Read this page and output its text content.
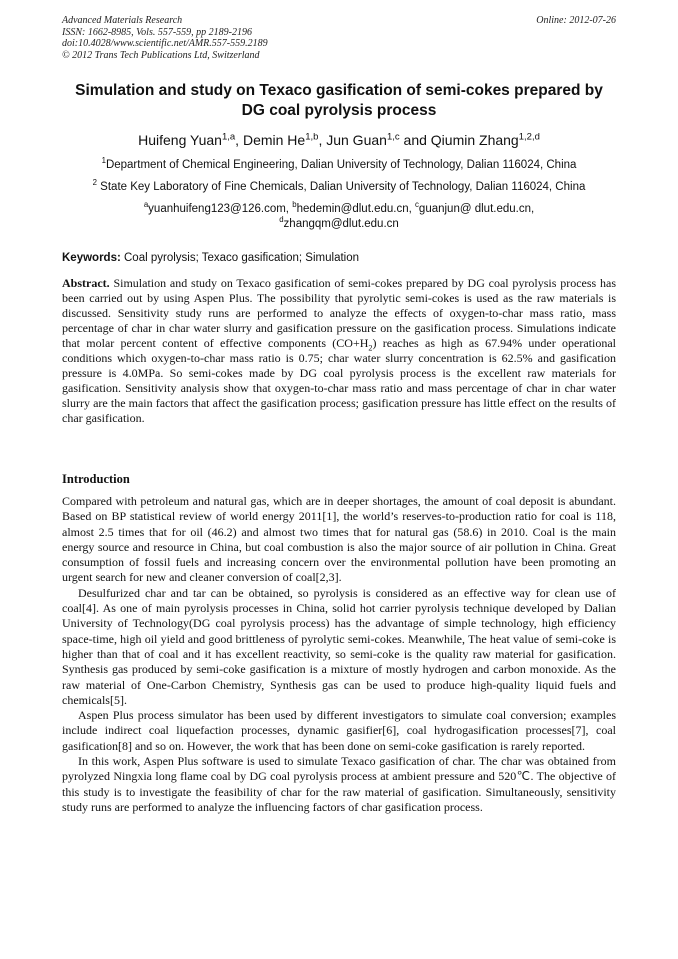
Advanced Materials Research
ISSN: 1662-8985, Vols. 557-559, pp 2189-2196
doi:10.4028/www.scientific.net/AMR.557-559.2189
© 2012 Trans Tech Publications Ltd, Switzerland
Online: 2012-07-26
Simulation and study on Texaco gasification of semi-cokes prepared by DG coal pyrolysis process
Huifeng Yuan$^{1,a}$, Demin He$^{1,b}$, Jun Guan$^{1,c}$ and Qiumin Zhang$^{1,2,d}$
$^1$Department of Chemical Engineering, Dalian University of Technology, Dalian 116024, China
$^2$ State Key Laboratory of Fine Chemicals, Dalian University of Technology, Dalian 116024, China
$^a$yuanhuifeng123@126.com, $^b$hedemin@dlut.edu.cn, $^c$guanjun@ dlut.edu.cn,
$^d$zhangqm@dlut.edu.cn
Keywords: Coal pyrolysis; Texaco gasification; Simulation
Abstract. Simulation and study on Texaco gasification of semi-cokes prepared by DG coal pyrolysis process has been carried out by using Aspen Plus. The possibility that pyrolytic semi-cokes is used as the raw materials is discussed. Sensitivity study runs are performed to analyze the effects of oxygen-to-char mass ratio, mass percentage of char in char water slurry and gasification pressure on the gasification process. Simulations indicate that molar percent content of effective components $(CO+H_2)$ reaches as high as 67.94% under operational conditions which oxygen-to-char mass ratio is 0.75; char water slurry concentration is 62.5% and gasification pressure is 4.0MPa. So semi-cokes made by DG coal pyrolysis process is the excellent raw materials for gasification. Sensitivity analysis show that oxygen-to-char mass ratio and mass percentage of char in char water slurry are the main factors that affect the gasification process; gasification pressure has little effect on the results of char gasification.
Introduction

Compared with petroleum and natural gas, which are in deeper shortages, the amount of coal deposit is abundant. Based on BP statistical review of world energy 2011[1], the world’s reserves-to-production ratio for coal is 118, almost 2.5 times that for oil (46.2) and almost two times that for natural gas (58.6) in 2010. Coal is the main energy source and resource in China, but coal combustion is also the major source of air pollution in China. Great consumption of fossil fuels and increasing concern over the environmental pollution have been promoting an urgent search for new and cleaner conversion of coal[2,3].

Desulfurized char and tar can be obtained, so pyrolysis is considered as an effective way for clean use of coal[4]. As one of main pyrolysis processes in China, solid hot carrier pyrolysis technique developed by Dalian University of Technology(DG coal pyrolysis process) has the advantage of simple technology, high efficiency space-time, high oil yield and good brittleness of pyrolytic semi-cokes. Meanwhile, The heat value of semi-coke is higher than that of coal and it has excellent reactivity, so semi-coke is the quality raw material for gasification. Synthesis gas produced by semi-coke gasification is a mixture of mostly hydrogen and carbon monoxide. As the raw material of One-Carbon Chemistry, Synthesis gas can be used to produce high-quality liquid fuels and chemicals[5].

Aspen Plus process simulator has been used by different investigators to simulate coal conversion; examples include indirect coal liquefaction processes, dynamic gasifier[6], coal hydrogasification processes[7], coal gasification[8] and so on. However, the work that has been done on semi-coke gasification is rarely reported.

In this work, Aspen Plus software is used to simulate Texaco gasification of char. The char was obtained from pyrolyzed Ningxia long flame coal by DG coal pyrolysis process at ambient pressure and 520℃. The objective of this study is to investigate the feasibility of char for the raw material of gasification. Simultaneously, sensitivity study runs are performed to analyze the influencing factors of char gasification process.
